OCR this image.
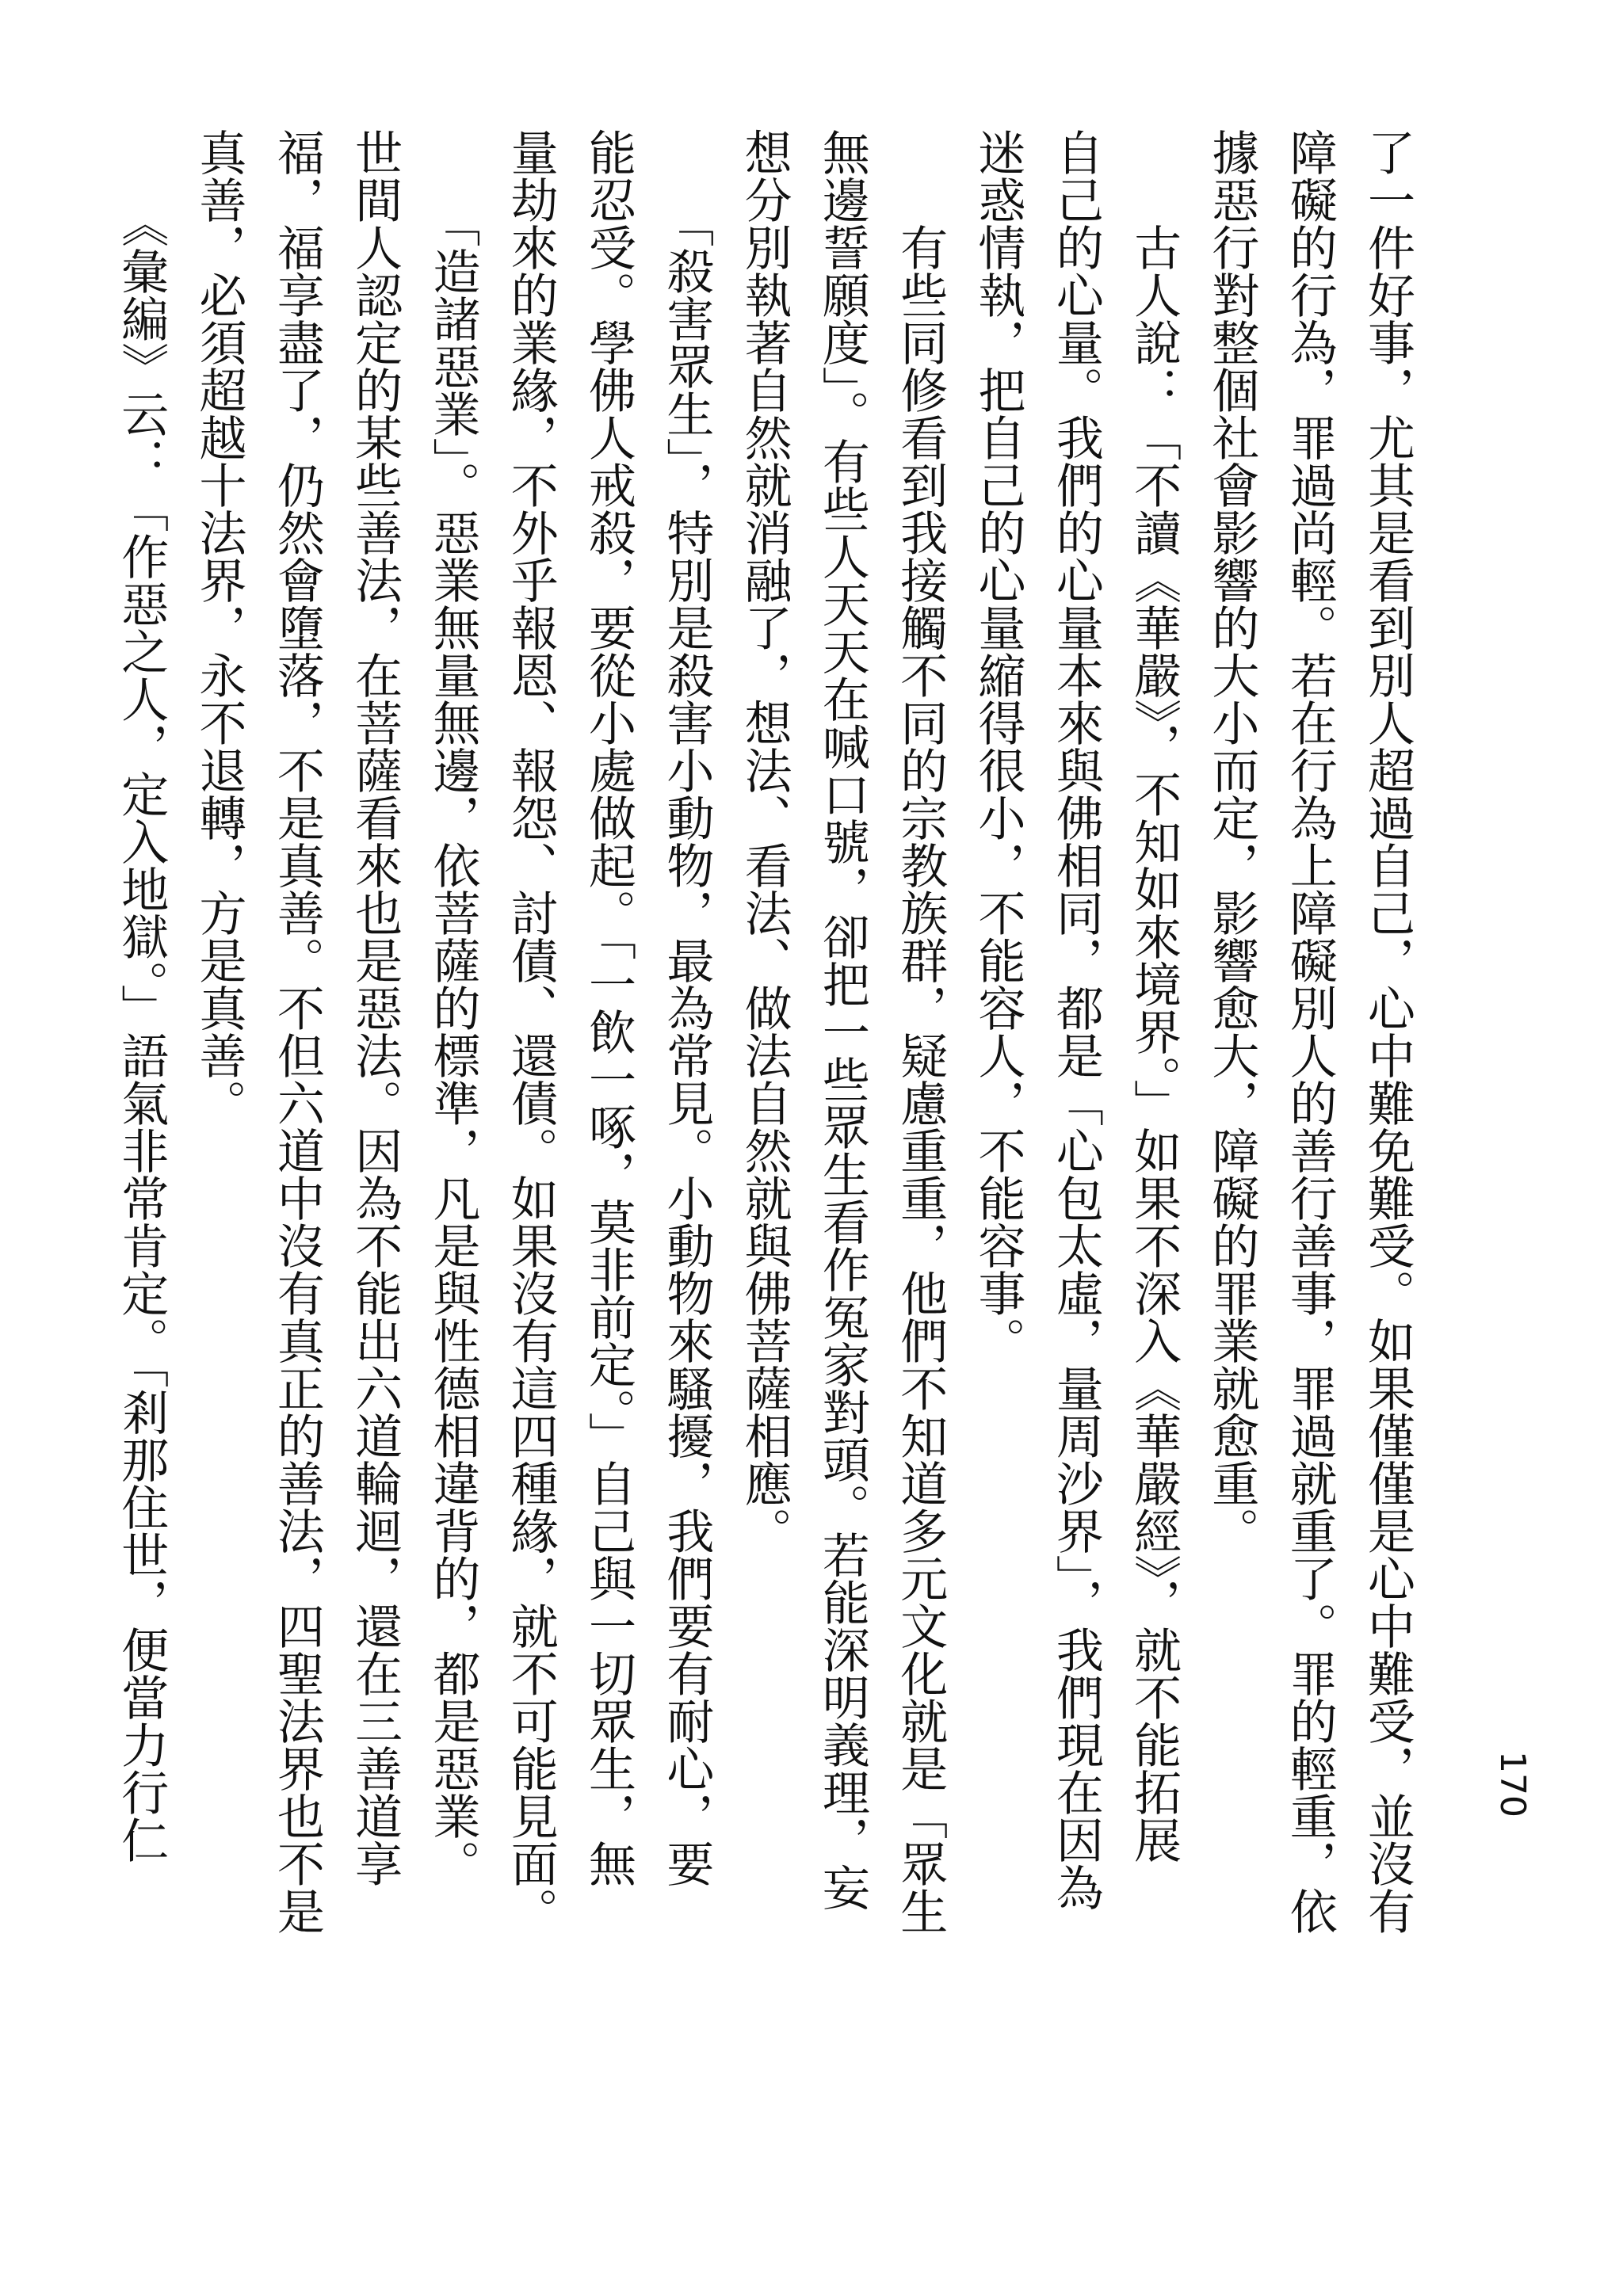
170

了一件好事，尤其是看到別人超過自己，心中難免難受。如果僅僅是心中難受，並沒有
障礙的行為，罪過尚輕。若在行為上障礙別人的善行善事，罪過就重了。罪的輕重，依
據惡行對整個社會影響的大小而定，影響愈大，障礙的罪業就愈重。

　　古人說：「不讀《華嚴》，不知如來境界。」如果不深入《華嚴經》，就不能拓展
自己的心量。我們的心量本來與佛相同，都是「心包太虛，量周沙界」，我們現在因為
迷惑情執，把自己的心量縮得很小，不能容人，不能容事。

　　有些同修看到我接觸不同的宗教族群，疑慮重重，他們不知道多元文化就是「眾生
無邊誓願度」。有些人天天在喊口號，卻把一些眾生看作冤家對頭。若能深明義理，妄
想分別執著自然就消融了，想法、看法、做法自然就與佛菩薩相應。

　　「殺害眾生」，特別是殺害小動物，最為常見。小動物來騷擾，我們要有耐心，要
能忍受。學佛人戒殺，要從小處做起。「一飲一啄，莫非前定。」自己與一切眾生，無
量劫來的業緣，不外乎報恩、報怨、討債、還債。如果沒有這四種緣，就不可能見面。

　　「造諸惡業」。惡業無量無邊，依菩薩的標準，凡是與性德相違背的，都是惡業。
世間人認定的某些善法，在菩薩看來也是惡法。因為不能出六道輪迴，還在三善道享
福，福享盡了，仍然會墮落，不是真善。不但六道中沒有真正的善法，四聖法界也不是
真善，必須超越十法界，永不退轉，方是真善。

　　《彙編》云：「作惡之人，定入地獄。」語氣非常肯定。「剎那住世，便當力行仁
